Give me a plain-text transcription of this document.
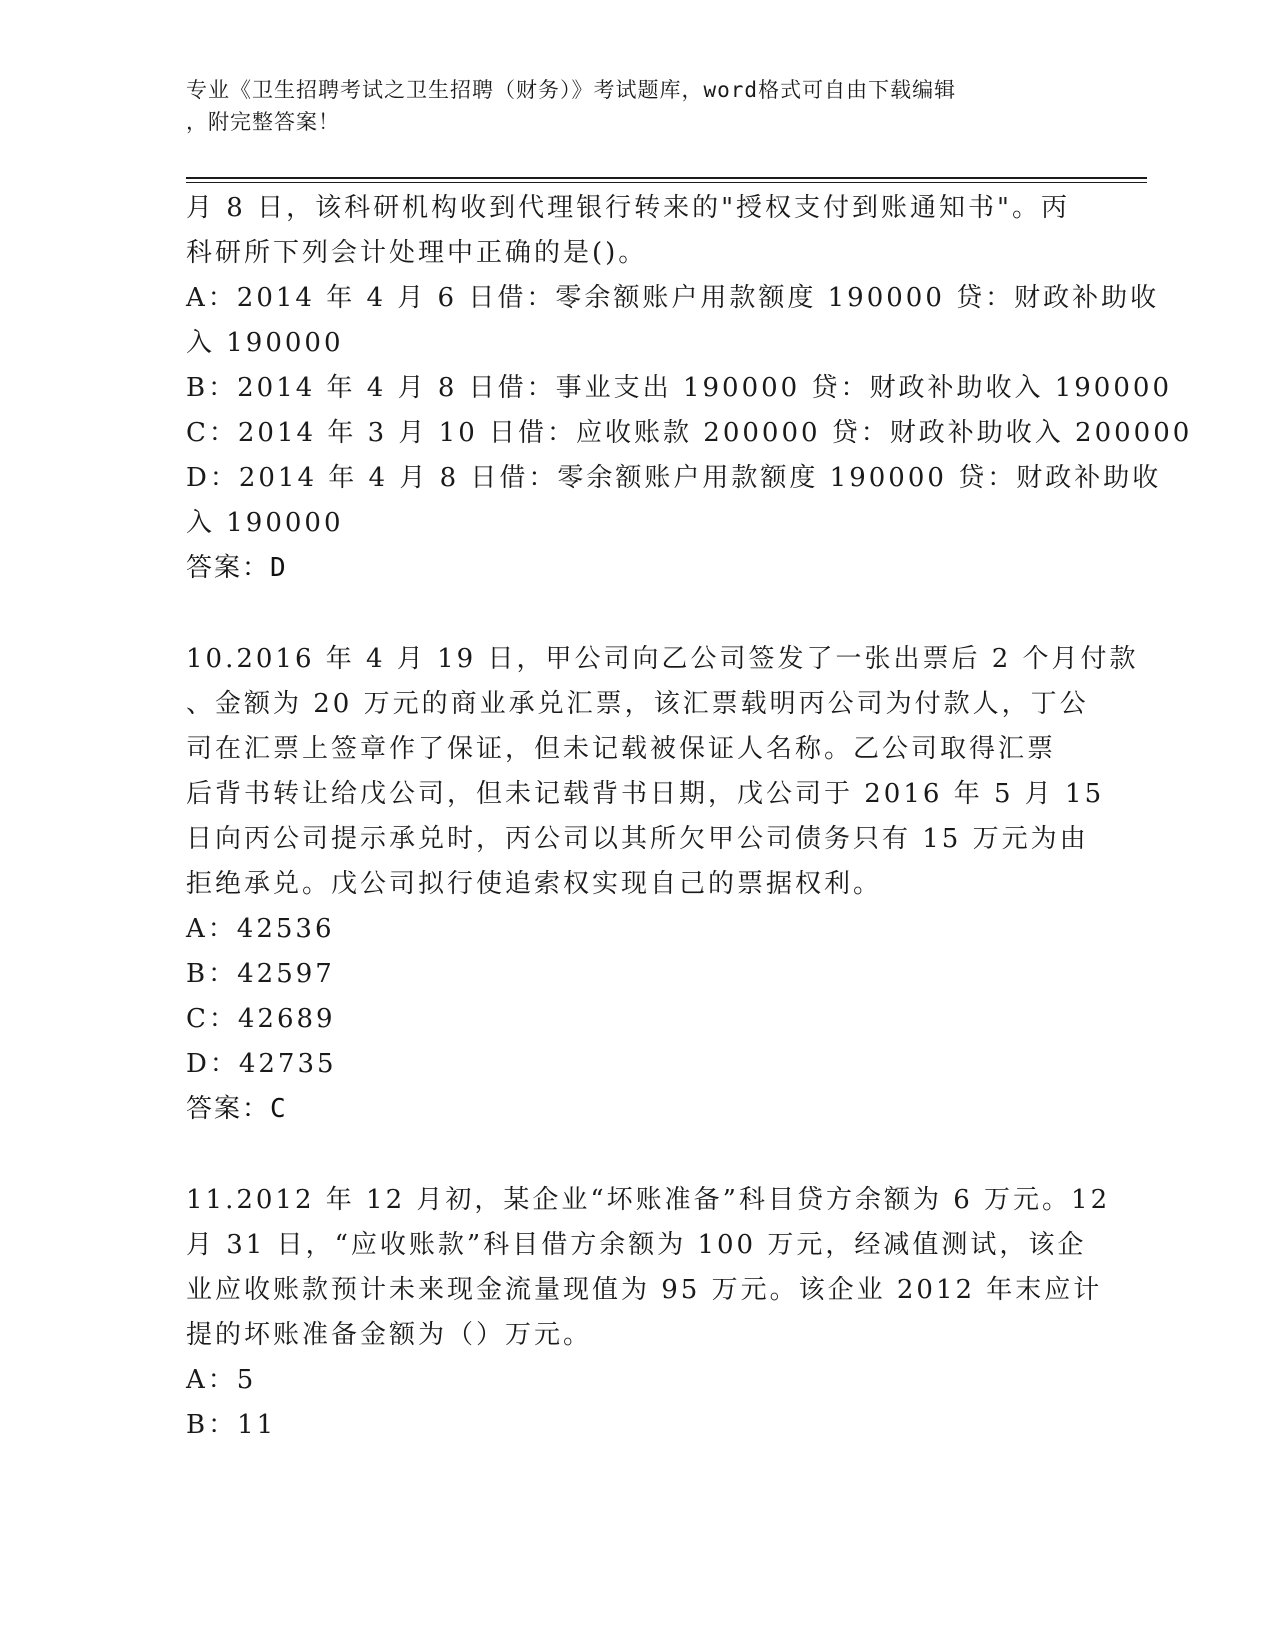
专业《卫生招聘考试之卫生招聘（财务）》考试题库，word格式可自由下载编辑
，附完整答案！
月 8 日，该科研机构收到代理银行转来的"授权支付到账通知书"。丙
科研所下列会计处理中正确的是()。
A：2014 年 4 月 6 日借：零余额账户用款额度 190000 贷：财政补助收
入 190000
B：2014 年 4 月 8 日借：事业支出 190000 贷：财政补助收入 190000
C：2014 年 3 月 10 日借：应收账款 200000 贷：财政补助收入 200000
D：2014 年 4 月 8 日借：零余额账户用款额度 190000 贷：财政补助收
入 190000
答案：D
10.2016 年 4 月 19 日，甲公司向乙公司签发了一张出票后 2 个月付款
、金额为 20 万元的商业承兑汇票，该汇票载明丙公司为付款人，丁公
司在汇票上签章作了保证，但未记载被保证人名称。乙公司取得汇票
后背书转让给戊公司，但未记载背书日期，戊公司于 2016 年 5 月 15
日向丙公司提示承兑时，丙公司以其所欠甲公司债务只有 15 万元为由
拒绝承兑。戊公司拟行使追索权实现自己的票据权利。
A：42536
B：42597
C：42689
D：42735
答案：C
11.2012 年 12 月初，某企业“坏账准备”科目贷方余额为 6 万元。12
月 31 日，“应收账款”科目借方余额为 100 万元，经减值测试，该企
业应收账款预计未来现金流量现值为 95 万元。该企业 2012 年末应计
提的坏账准备金额为（）万元。
A：5
B：11
